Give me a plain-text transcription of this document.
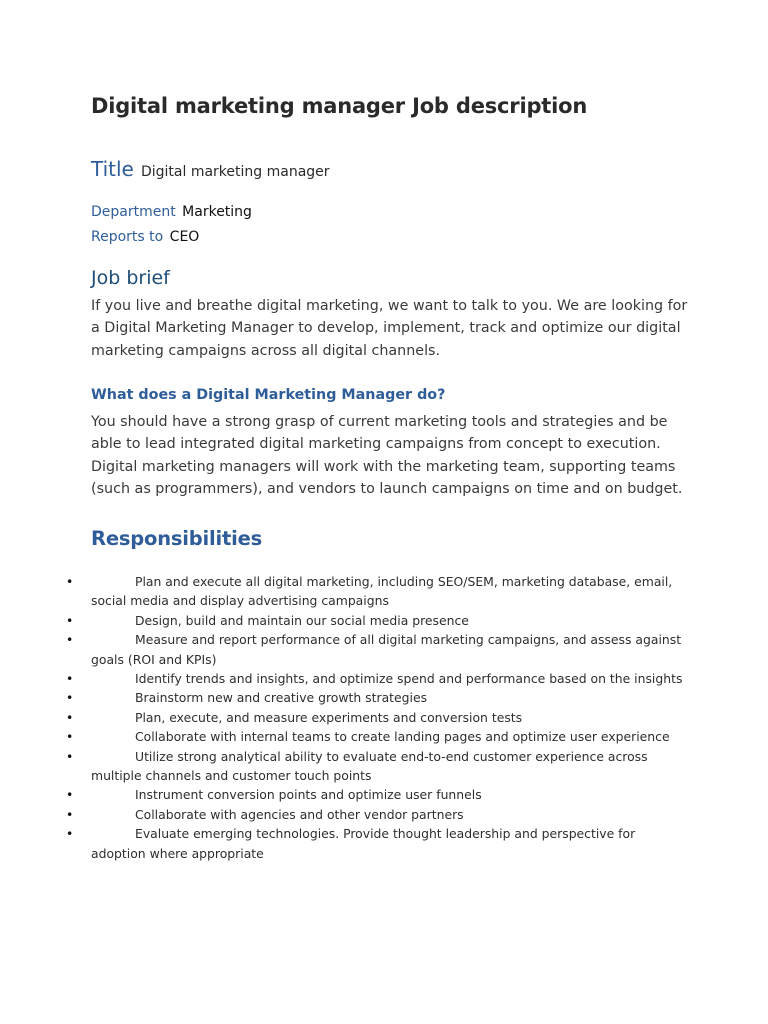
Digital marketing manager Job description
Title Digital marketing manager
Department Marketing
Reports to CEO
Job brief

If you live and breathe digital marketing, we want to talk to you. We are looking for a Digital Marketing Manager to develop, implement, track and optimize our digital marketing campaigns across all digital channels.

What does a Digital Marketing Manager do?

You should have a strong grasp of current marketing tools and strategies and be able to lead integrated digital marketing campaigns from concept to execution. Digital marketing managers will work with the marketing team, supporting teams (such as programmers), and vendors to launch campaigns on time and on budget.

Responsibilities
•	Plan and execute all digital marketing, including SEO/SEM, marketing database, email, social media and display advertising campaigns
•	Design, build and maintain our social media presence
•	Measure and report performance of all digital marketing campaigns, and assess against goals (ROI and KPIs)
•	Identify trends and insights, and optimize spend and performance based on the insights
•	Brainstorm new and creative growth strategies
•	Plan, execute, and measure experiments and conversion tests
•	Collaborate with internal teams to create landing pages and optimize user experience
•	Utilize strong analytical ability to evaluate end-to-end customer experience across multiple channels and customer touch points
•	Instrument conversion points and optimize user funnels
•	Collaborate with agencies and other vendor partners
•	Evaluate emerging technologies. Provide thought leadership and perspective for adoption where appropriate
